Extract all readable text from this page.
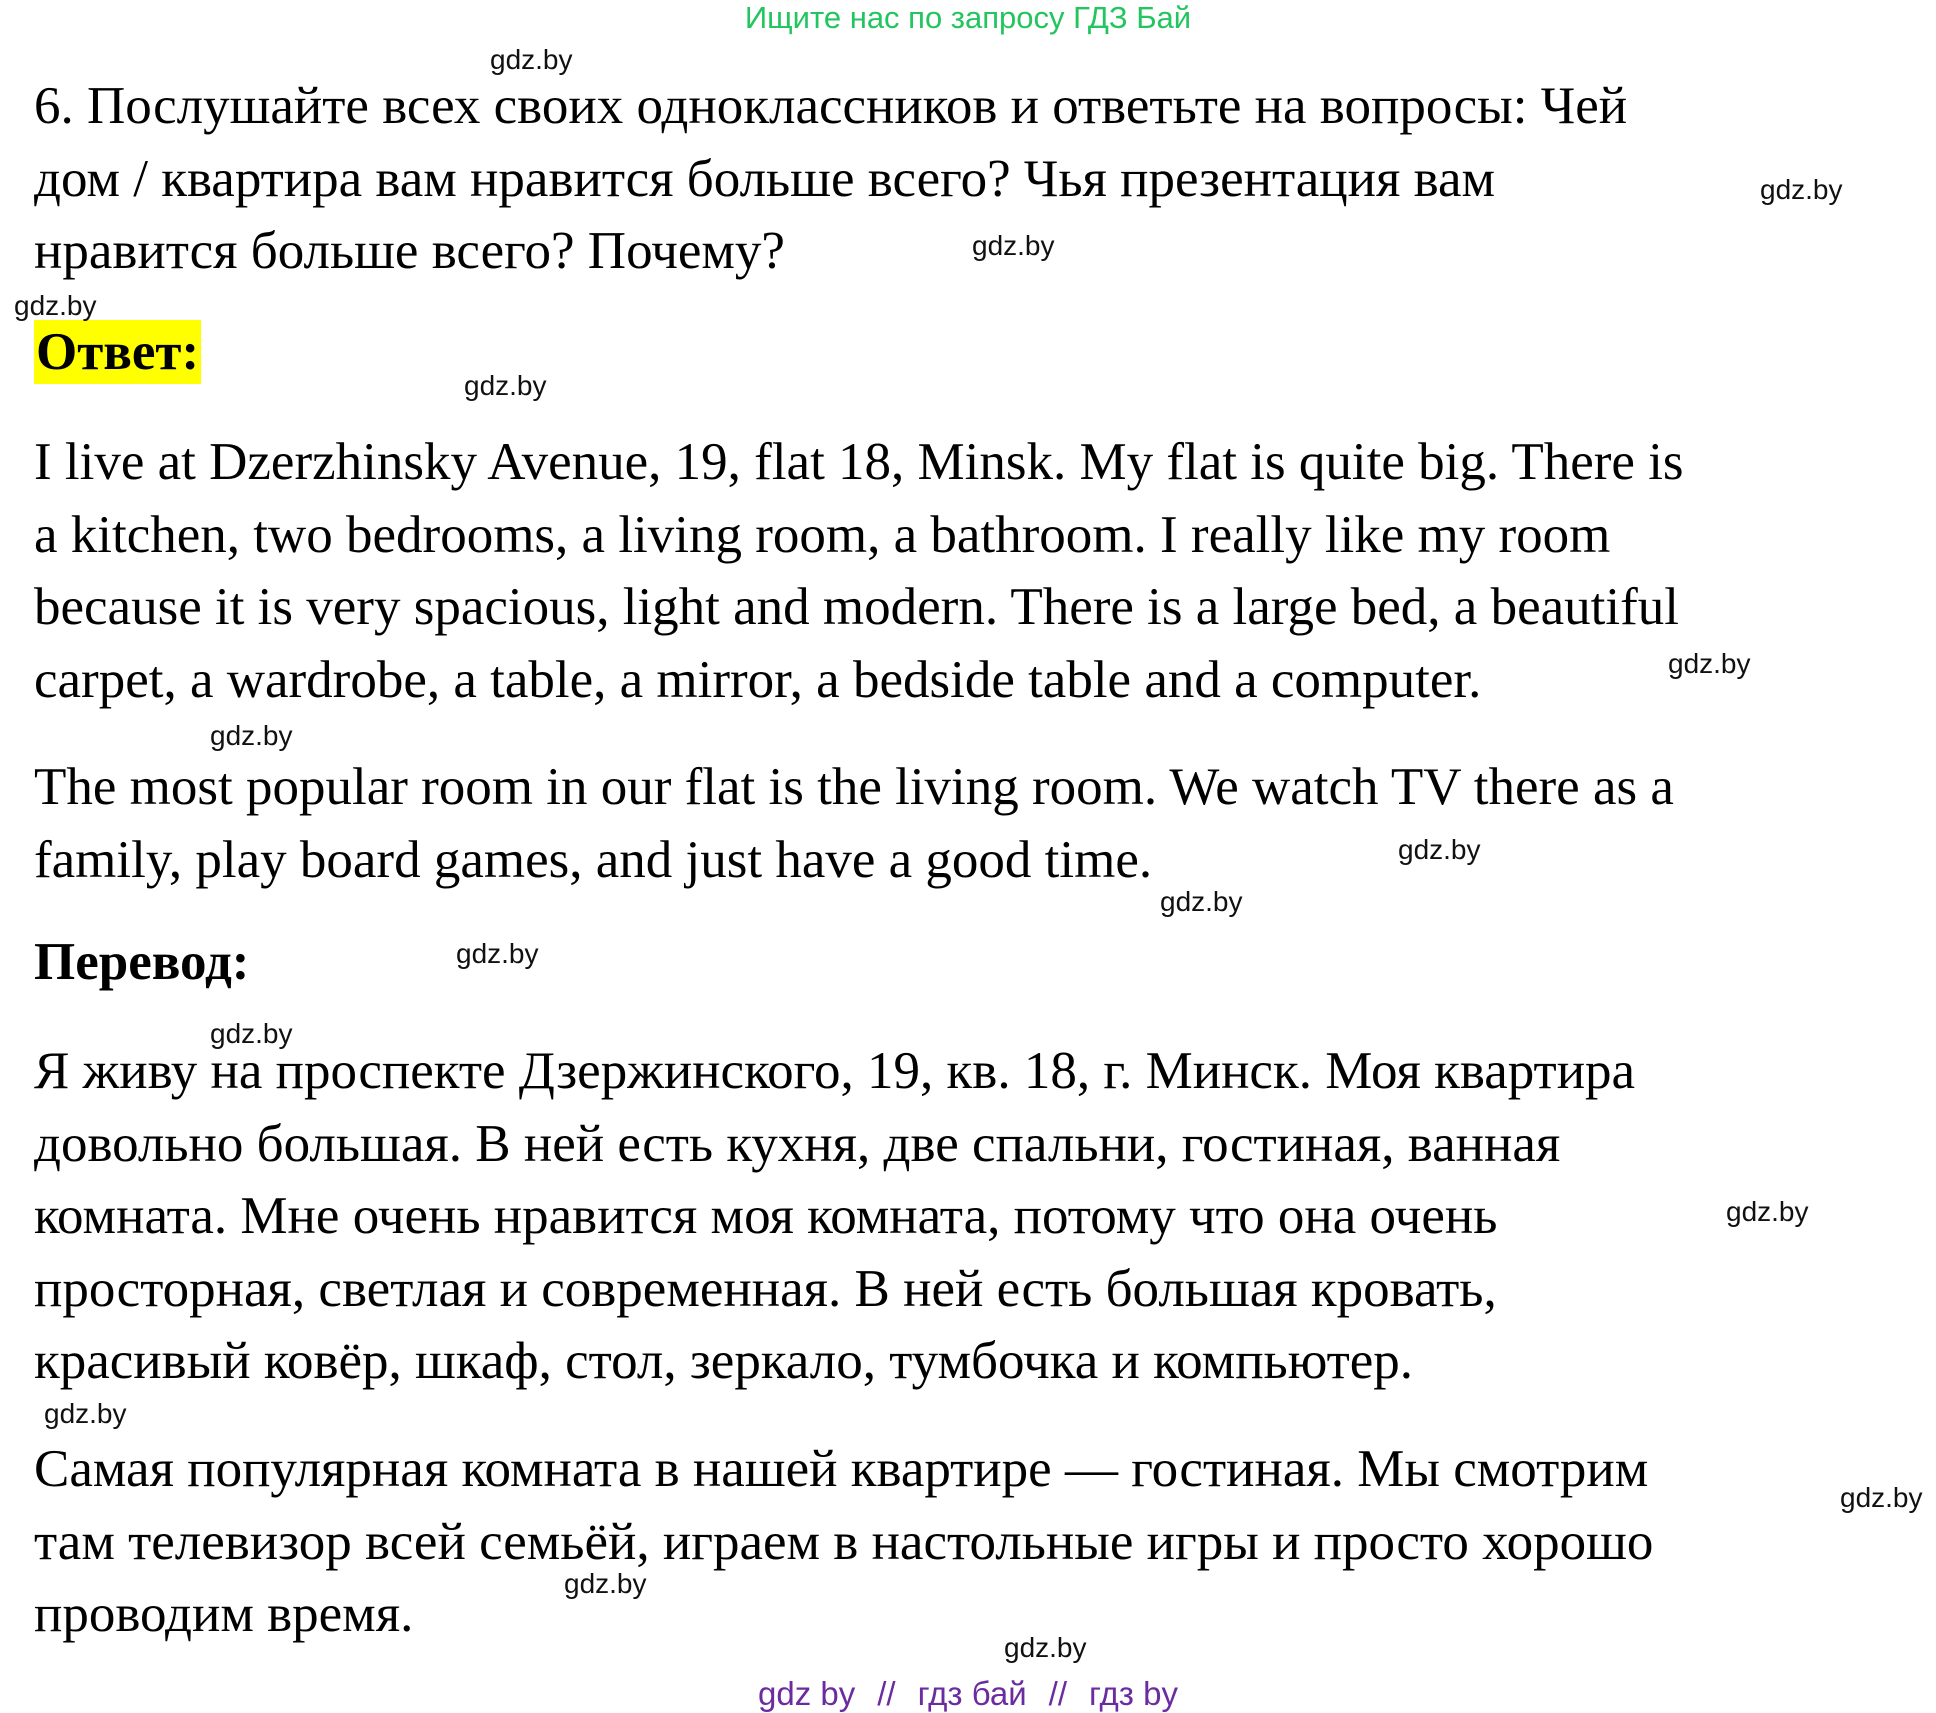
Ищите нас по запросу ГДЗ Бай
6. Послушайте всех своих одноклассников и ответьте на вопросы: Чей
дом / квартира вам нравится больше всего? Чья презентация вам
нравится больше всего? Почему?
Ответ:
I live at Dzerzhinsky Avenue, 19, flat 18, Minsk. My flat is quite big. There is
a kitchen, two bedrooms, a living room, a bathroom. I really like my room
because it is very spacious, light and modern. There is a large bed, a beautiful
carpet, a wardrobe, a table, a mirror, a bedside table and a computer.
The most popular room in our flat is the living room. We watch TV there as a
family, play board games, and just have a good time.
Перевод:
Я живу на проспекте Дзержинского, 19, кв. 18, г. Минск. Моя квартира
довольно большая. В ней есть кухня, две спальни, гостиная, ванная
комната. Мне очень нравится моя комната, потому что она очень
просторная, светлая и современная. В ней есть большая кровать,
красивый ковёр, шкаф, стол, зеркало, тумбочка и компьютер.
Самая популярная комната в нашей квартире — гостиная. Мы смотрим
там телевизор всей семьёй, играем в настольные игры и просто хорошо
проводим время.
gdz.by
gdz.by
gdz.by
gdz.by
gdz.by
gdz.by
gdz.by
gdz.by
gdz.by
gdz.by
gdz.by
gdz.by
gdz.by
gdz.by
gdz.by
gdz.by
gdz by // гдз бай // гдз by
